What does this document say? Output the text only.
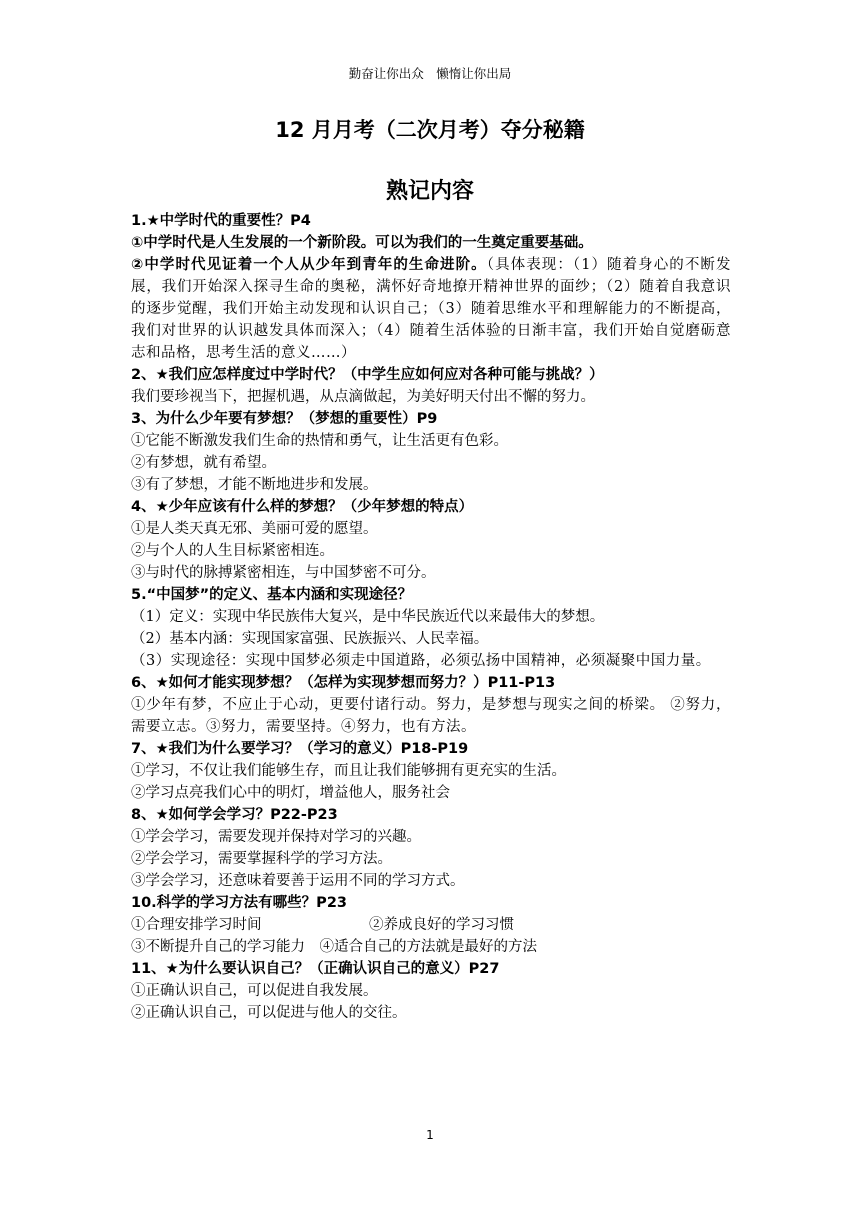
勤奋让你出众　懒惰让你出局
12 月月考（二次月考）夺分秘籍
熟记内容
1.★中学时代的重要性？P4
①中学时代是人生发展的一个新阶段。可以为我们的一生奠定重要基础。
②中学时代见证着一个人从少年到青年的生命进阶。（具体表现：（1）随着身心的不断发展，我们开始深入探寻生命的奥秘，满怀好奇地撩开精神世界的面纱；（2）随着自我意识的逐步觉醒，我们开始主动发现和认识自己；（3）随着思维水平和理解能力的不断提高，我们对世界的认识越发具体而深入；（4）随着生活体验的日渐丰富，我们开始自觉磨砺意志和品格，思考生活的意义……）
2、★我们应怎样度过中学时代？（中学生应如何应对各种可能与挑战？）
我们要珍视当下，把握机遇，从点滴做起，为美好明天付出不懈的努力。
3、为什么少年要有梦想？（梦想的重要性）P9
①它能不断激发我们生命的热情和勇气，让生活更有色彩。
②有梦想，就有希望。
③有了梦想，才能不断地进步和发展。
4、★少年应该有什么样的梦想？（少年梦想的特点）
①是人类天真无邪、美丽可爱的愿望。
②与个人的人生目标紧密相连。
③与时代的脉搏紧密相连，与中国梦密不可分。
5.“中国梦”的定义、基本内涵和实现途径？
（1）定义：实现中华民族伟大复兴，是中华民族近代以来最伟大的梦想。
（2）基本内涵：实现国家富强、民族振兴、人民幸福。
（3）实现途径：实现中国梦必须走中国道路，必须弘扬中国精神，必须凝聚中国力量。
6、★如何才能实现梦想？（怎样为实现梦想而努力？）P11-P13
①少年有梦，不应止于心动，更要付诸行动。努力，是梦想与现实之间的桥梁。 ②努力，需要立志。③努力，需要坚持。④努力，也有方法。
7、★我们为什么要学习？（学习的意义）P18-P19
①学习，不仅让我们能够生存，而且让我们能够拥有更充实的生活。
②学习点亮我们心中的明灯，增益他人，服务社会
8、★如何学会学习？P22-P23
①学会学习，需要发现并保持对学习的兴趣。
②学会学习，需要掌握科学的学习方法。
③学会学习，还意味着要善于运用不同的学习方式。
10.科学的学习方法有哪些？P23
①合理安排学习时间	②养成良好的学习习惯
③不断提升自己的学习能力　④适合自己的方法就是最好的方法
11、★为什么要认识自己？（正确认识自己的意义）P27
①正确认识自己，可以促进自我发展。
②正确认识自己，可以促进与他人的交往。
1
